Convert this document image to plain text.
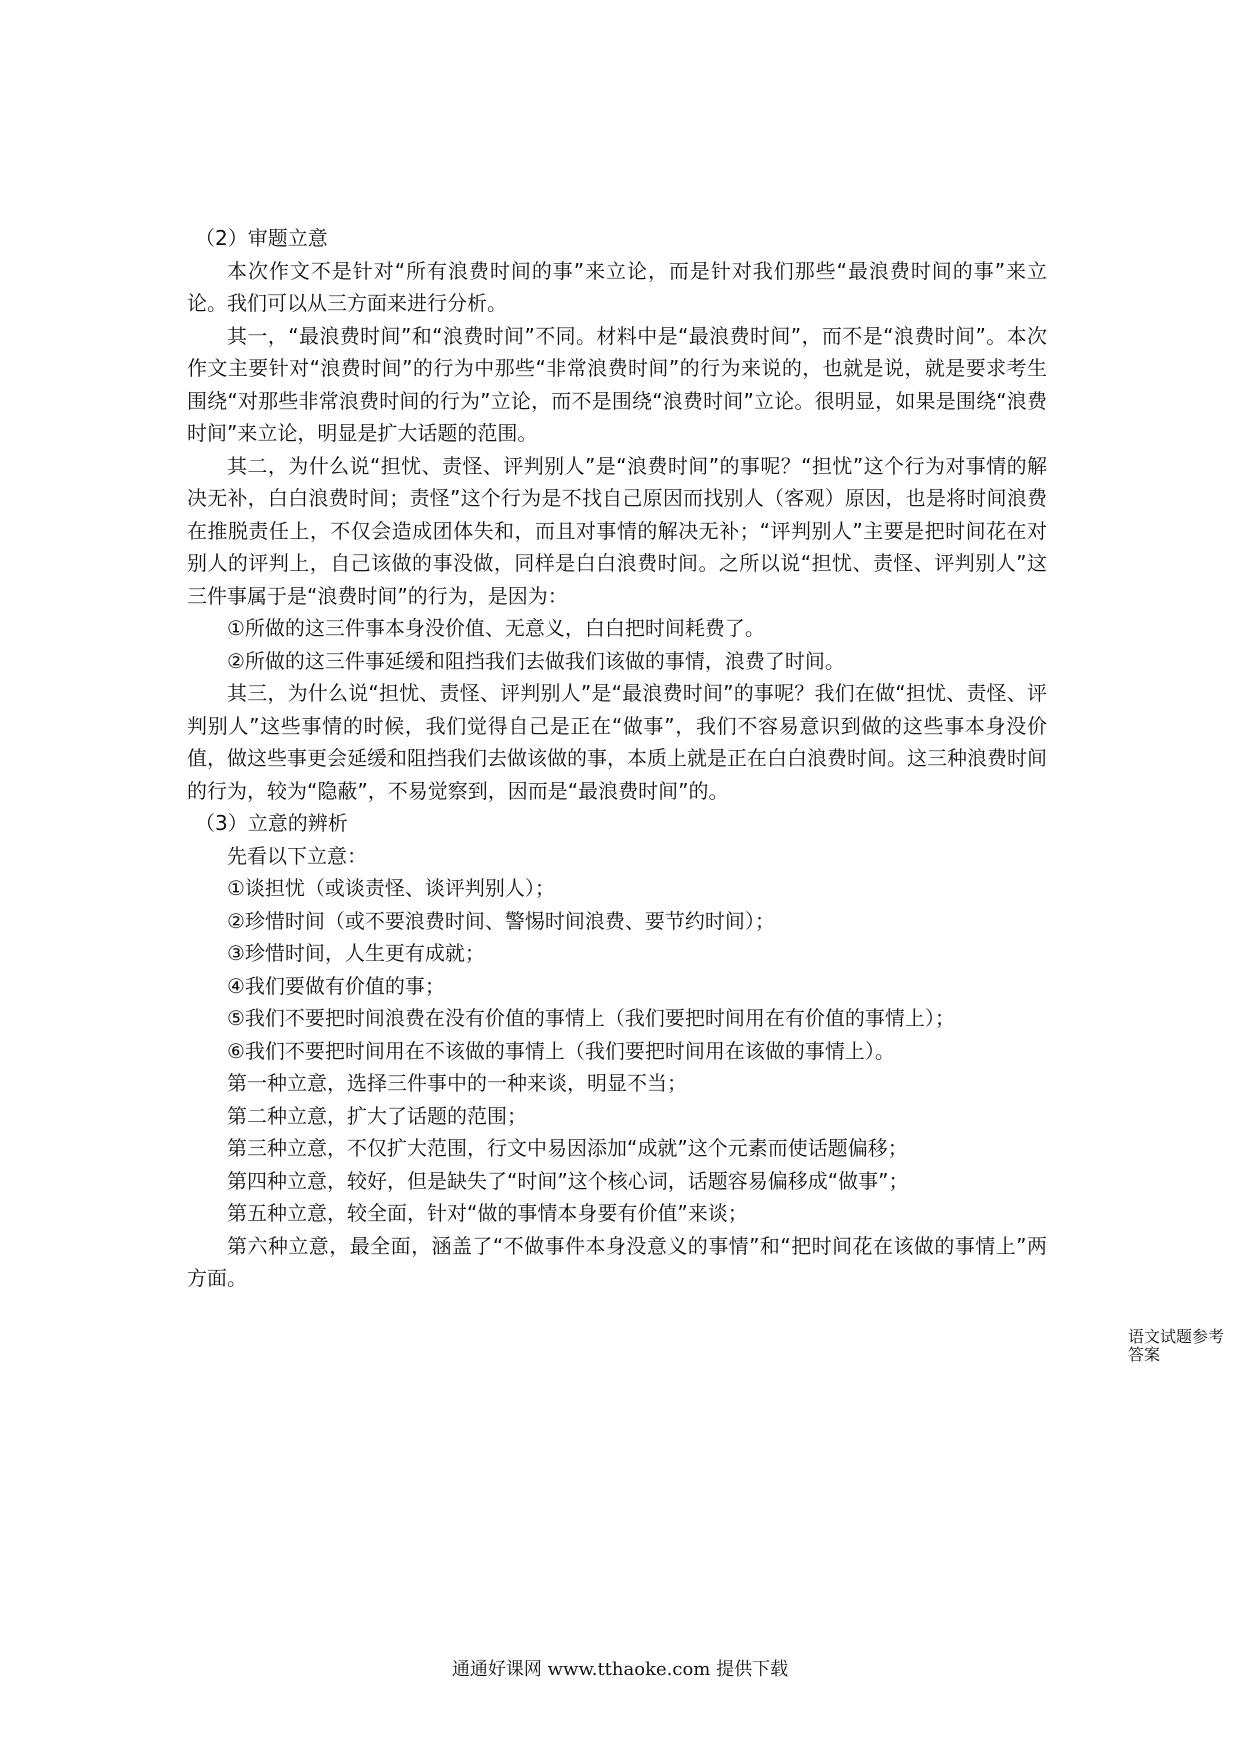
（2）审题立意

本次作文不是针对“所有浪费时间的事”来立论，而是针对我们那些“最浪费时间的事”来立论。我们可以从三方面来进行分析。

其一，“最浪费时间”和“浪费时间”不同。材料中是“最浪费时间”，而不是“浪费时间”。本次作文主要针对“浪费时间”的行为中那些“非常浪费时间”的行为来说的，也就是说，就是要求考生围绕“对那些非常浪费时间的行为”立论，而不是围绕“浪费时间”立论。很明显，如果是围绕“浪费时间”来立论，明显是扩大话题的范围。

其二，为什么说“担忧、责怪、评判别人”是“浪费时间”的事呢？“担忧”这个行为对事情的解决无补，白白浪费时间；责怪”这个行为是不找自己原因而找别人（客观）原因，也是将时间浪费在推脱责任上，不仅会造成团体失和，而且对事情的解决无补；“评判别人”主要是把时间花在对别人的评判上，自己该做的事没做，同样是白白浪费时间。之所以说“担忧、责怪、评判别人”这三件事属于是“浪费时间”的行为，是因为：

①所做的这三件事本身没价值、无意义，白白把时间耗费了。

②所做的这三件事延缓和阻挡我们去做我们该做的事情，浪费了时间。

其三，为什么说“担忧、责怪、评判别人”是“最浪费时间”的事呢？我们在做“担忧、责怪、评判别人”这些事情的时候，我们觉得自己是正在“做事”，我们不容易意识到做的这些事本身没价值，做这些事更会延缓和阻挡我们去做该做的事，本质上就是正在白白浪费时间。这三种浪费时间的行为，较为“隐蔽”，不易觉察到，因而是“最浪费时间”的。

（3）立意的辨析

先看以下立意：

①谈担忧（或谈责怪、谈评判别人）；

②珍惜时间（或不要浪费时间、警惕时间浪费、要节约时间）；

③珍惜时间，人生更有成就；

④我们要做有价值的事；

⑤我们不要把时间浪费在没有价值的事情上（我们要把时间用在有价值的事情上）；

⑥我们不要把时间用在不该做的事情上（我们要把时间用在该做的事情上）。

第一种立意，选择三件事中的一种来谈，明显不当；

第二种立意，扩大了话题的范围；

第三种立意，不仅扩大范围，行文中易因添加“成就”这个元素而使话题偏移；

第四种立意，较好，但是缺失了“时间”这个核心词，话题容易偏移成“做事”；

第五种立意，较全面，针对“做的事情本身要有价值”来谈；

第六种立意，最全面，涵盖了“不做事件本身没意义的事情”和“把时间花在该做的事情上”两方面。

语文试题参考答案
通通好课网 www.tthaoke.com 提供下载
